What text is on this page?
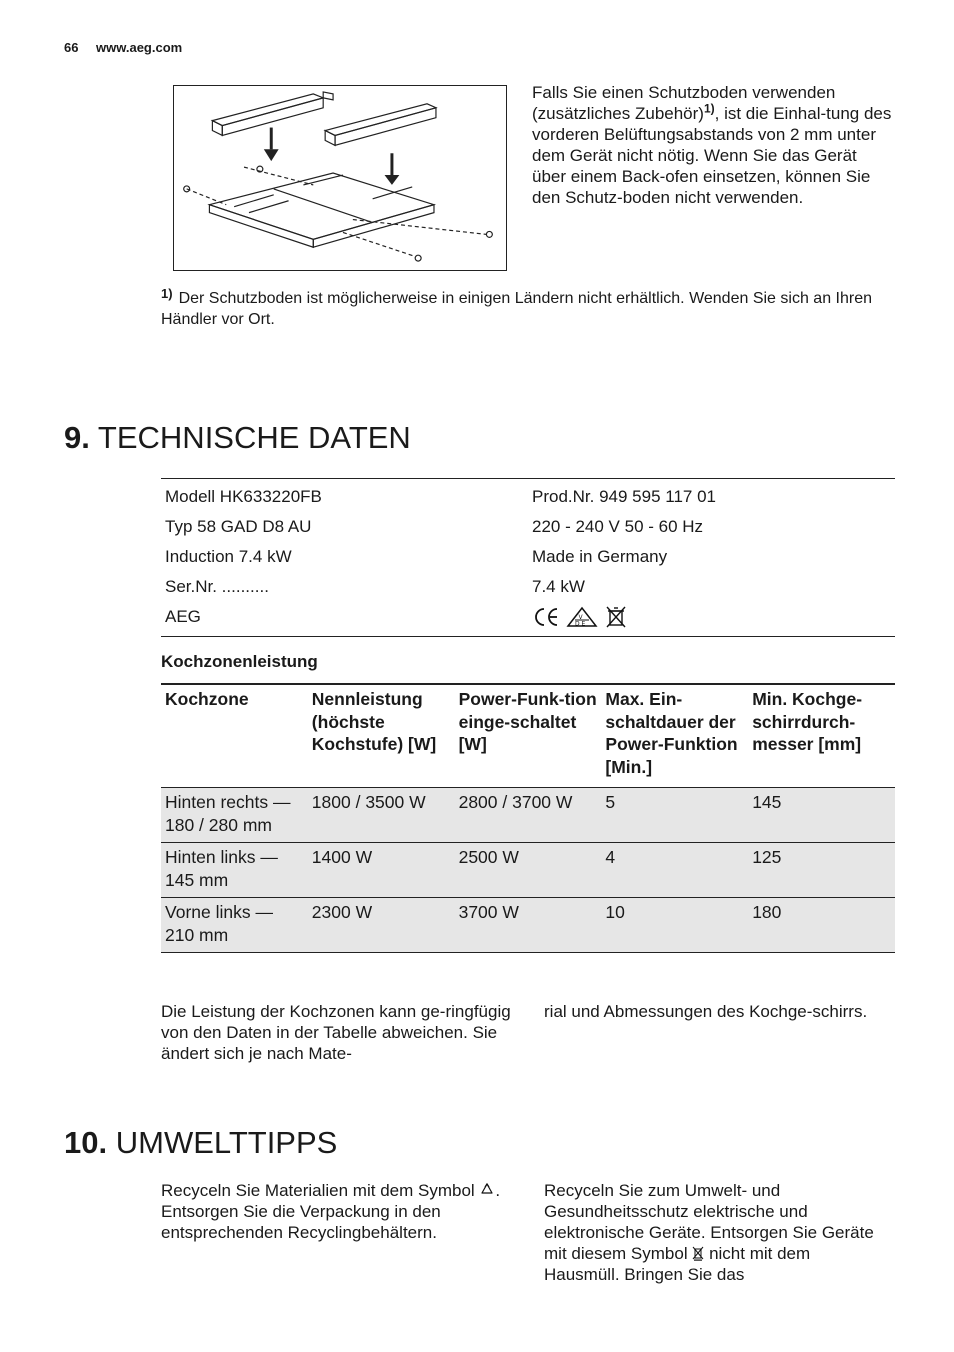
66 www.aeg.com
Falls Sie einen Schutzboden verwenden (zusätzliches Zubehör)$^{1)}$, ist die Einhal-tung des vorderen Belüftungsabstands von 2 mm unter dem Gerät nicht nötig. Wenn Sie das Gerät über einem Back-ofen einsetzen, können Sie den Schutz-boden nicht verwenden.
$^{1)}$ Der Schutzboden ist möglicherweise in einigen Ländern nicht erhältlich. Wenden Sie sich an Ihren Händler vor Ort.
9. TECHNISCHE DATEN
Modell HK633220FB	Prod.Nr. 949 595 117 01
Typ 58 GAD D8 AU	220 - 240 V 50 - 60 Hz
Induction 7.4 kW	Made in Germany
Ser.Nr. ..........	7.4 kW
AEG	V
D E
Kochzonenleistung
Kochzone	Nennleistung (höchste Kochstufe) [W]	Power-Funk-tion einge-schaltet [W]	Max. Ein-schaltdauer der Power-Funktion [Min.]	Min. Kochge-schirrdurch-messer [mm]
Hinten rechts —180 / 280 mm	1800 / 3500 W	2800 / 3700 W	5	145
Hinten links —145 mm	1400 W	2500 W	4	125
Vorne links — 210 mm	2300 W	3700 W	10	180
Die Leistung der Kochzonen kann ge-ringfügig von den Daten in der Tabelle abweichen. Sie ändert sich je nach Mate-
rial und Abmessungen des Kochge-schirrs.
10. UMWELTTIPPS
Recyceln Sie Materialien mit dem Symbol . Entsorgen Sie die Verpackung in den entsprechenden Recyclingbehältern.
Recyceln Sie zum Umwelt- und Gesundheitsschutz elektrische und elektronische Geräte. Entsorgen Sie Geräte mit diesem Symbol nicht mit dem Hausmüll. Bringen Sie das
